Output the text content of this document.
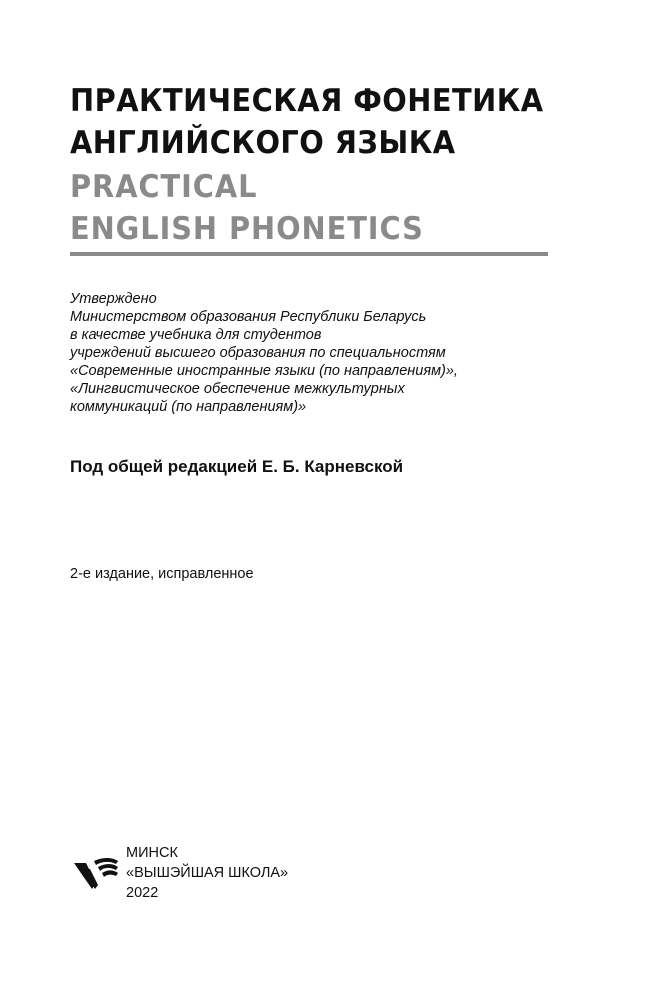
ПРАКТИЧЕСКАЯ ФОНЕТИКА
АНГЛИЙСКОГО ЯЗЫКА
PRACTICAL
ENGLISH PHONETICS
Утверждено
Министерством образования Республики Беларусь
в качестве учебника для студентов
учреждений высшего образования по специальностям
«Современные иностранные языки (по направлениям)»,
«Лингвистическое обеспечение межкультурных
коммуникаций (по направлениям)»
Под общей редакцией Е. Б. Карневской
2-е издание, исправленное
МИНСК
«ВЫШЭЙШАЯ ШКОЛА»
2022
